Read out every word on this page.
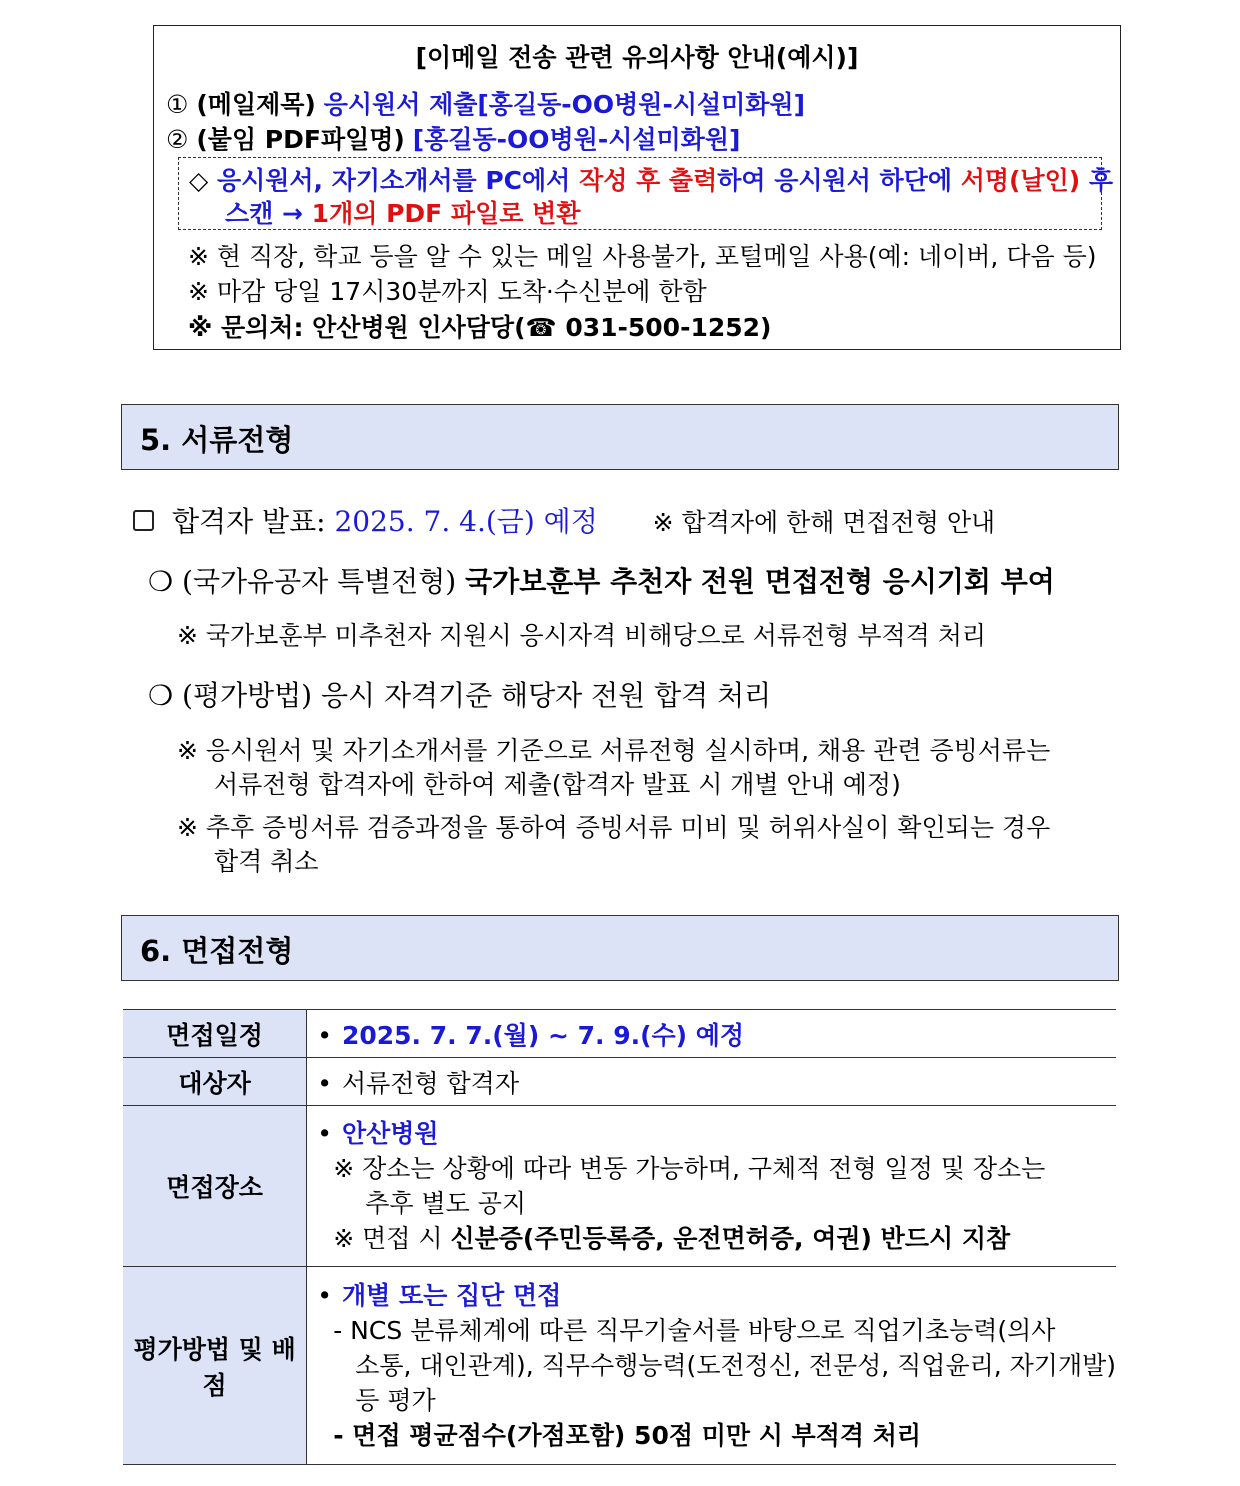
[이메일 전송 관련 유의사항 안내(예시)]
① (메일제목) 응시원서 제출[홍길동-OO병원-시설미화원]
② (붙임 PDF파일명) [홍길동-OO병원-시설미화원]
◇ 응시원서, 자기소개서를 PC에서 작성 후 출력하여 응시원서 하단에 서명(날인) 후
스캔 → 1개의 PDF 파일로 변환
※ 현 직장, 학교 등을 알 수 있는 메일 사용불가, 포털메일 사용(예: 네이버, 다음 등)
※ 마감 당일 17시30분까지 도착·수신분에 한함
※ 문의처: 안산병원 인사담당(☎ 031-500-1252)
5. 서류전형
합격자 발표: 2025. 7. 4.(금) 예정 ※ 합격자에 한해 면접전형 안내
❍ (국가유공자 특별전형) 국가보훈부 추천자 전원 면접전형 응시기회 부여
※ 국가보훈부 미추천자 지원시 응시자격 비해당으로 서류전형 부적격 처리
❍ (평가방법) 응시 자격기준 해당자 전원 합격 처리
※ 응시원서 및 자기소개서를 기준으로 서류전형 실시하며, 채용 관련 증빙서류는
서류전형 합격자에 한하여 제출(합격자 발표 시 개별 안내 예정)
※ 추후 증빙서류 검증과정을 통하여 증빙서류 미비 및 허위사실이 확인되는 경우
합격 취소
6. 면접전형
면접일정	• 2025. 7. 7.(월) ~ 7. 9.(수) 예정
대상자	• 서류전형 합격자
면접장소	• 안산병원
※ 장소는 상황에 따라 변동 가능하며, 구체적 전형 일정 및 장소는
추후 별도 공지
※ 면접 시 신분증(주민등록증, 운전면허증, 여권) 반드시 지참

평가방법 및 배점	• 개별 또는 집단 면접
- NCS 분류체계에 따른 직무기술서를 바탕으로 직업기초능력(의사
소통, 대인관계), 직무수행능력(도전정신, 전문성, 직업윤리, 자기개발)
등 평가
- 면접 평균점수(가점포함) 50점 미만 시 부적격 처리
